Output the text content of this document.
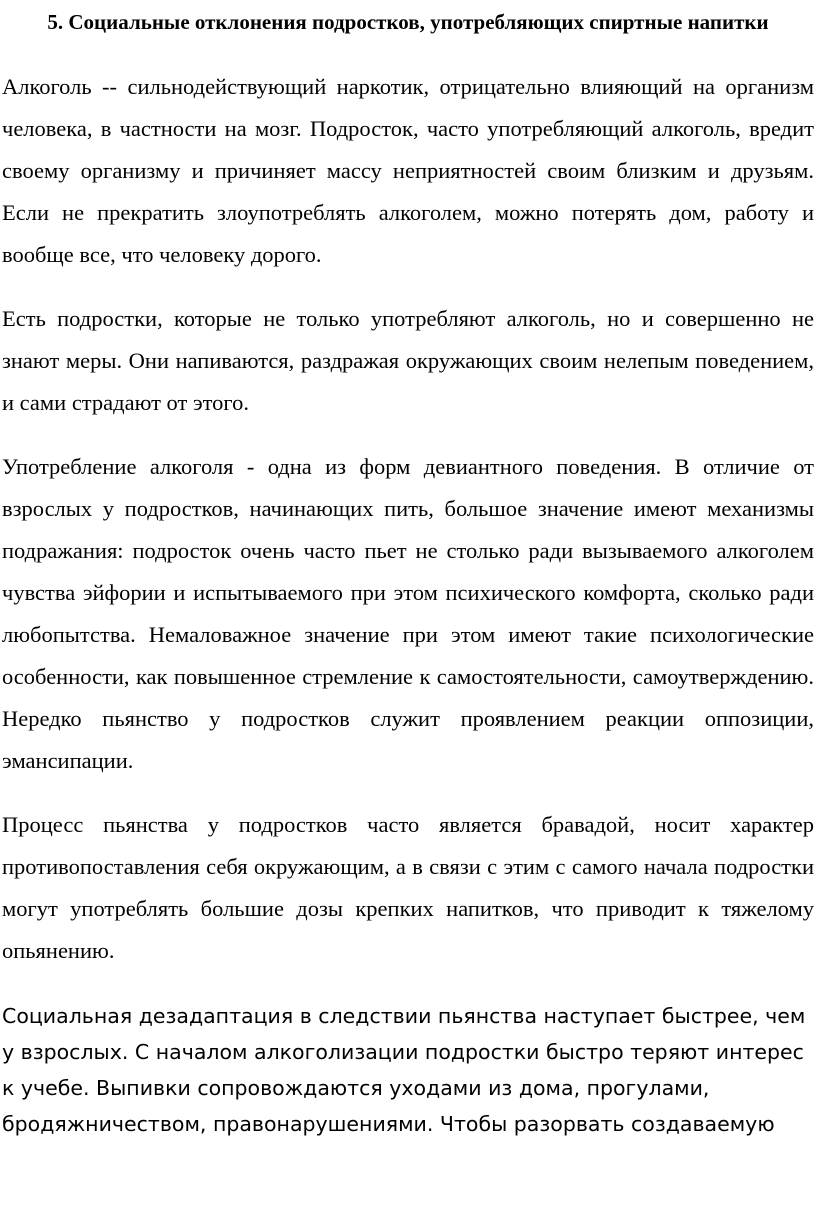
5. Социальные отклонения подростков, употребляющих спиртные напитки

Алкоголь -- сильнодействующий наркотик, отрицательно влияющий на организм человека, в частности на мозг. Подросток, часто употребляющий алкоголь, вредит своему организму и причиняет массу неприятностей своим близким и друзьям. Если не прекратить злоупотреблять алкоголем, можно потерять дом, работу и вообще все, что человеку дорого.

Есть подростки, которые не только употребляют алкоголь, но и совершенно не знают меры. Они напиваются, раздражая окружающих своим нелепым поведением, и сами страдают от этого.

Употребление алкоголя - одна из форм девиантного поведения. В отличие от взрослых у подростков, начинающих пить, большое значение имеют механизмы подражания: подросток очень часто пьет не столько ради вызываемого алкоголем чувства эйфории и испытываемого при этом психического комфорта, сколько ради любопытства. Немаловажное значение при этом имеют такие психологические особенности, как повышенное стремление к самостоятельности, самоутверждению. Нередко пьянство у подростков служит проявлением реакции оппозиции, эмансипации.

Процесс пьянства у подростков часто является бравадой, носит характер противопоставления себя окружающим, а в связи с этим с самого начала подростки могут употреблять большие дозы крепких напитков, что приводит к тяжелому опьянению.

Социальная дезадаптация в следствии пьянства наступает быстрее, чем у взрослых. С началом алкоголизации подростки быстро теряют интерес к учебе. Выпивки сопровождаются уходами из дома, прогулами, бродяжничеством, правонарушениями. Чтобы разорвать создаваемую
